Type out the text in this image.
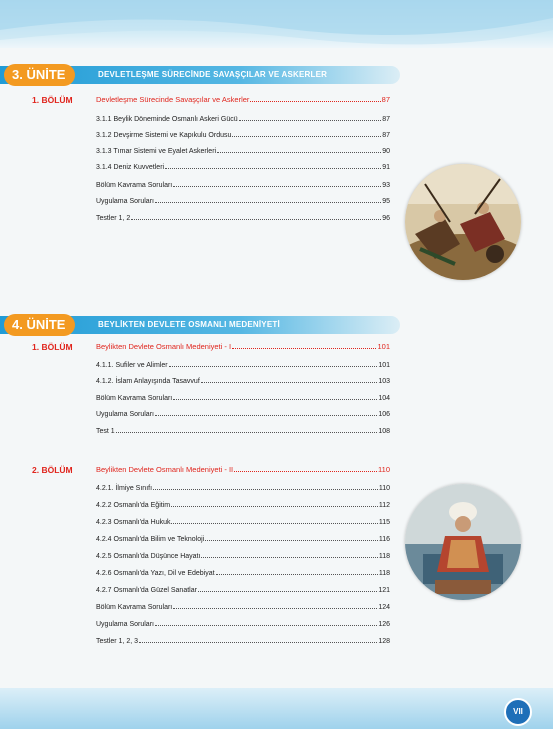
3. ÜNİTE	DEVLETLEŞME SÜRECİNDE SAVAŞÇILAR VE ASKERLER
1. BÖLÜM	Devletleşme Sürecinde Savaşçılar ve Askerler	87
3.1.1 Beylik Döneminde Osmanlı Askeri Gücü	87
3.1.2 Devşirme Sistemi ve Kapıkulu Ordusu	87
3.1.3 Tımar Sistemi ve Eyalet Askerleri	90
3.1.4 Deniz Kuvvetleri	91
Bölüm Kavrama Soruları	93
Uygulama Soruları	95
Testler 1, 2	96
4. ÜNİTE	BEYLİKTEN DEVLETE OSMANLI MEDENİYETİ
1. BÖLÜM	Beylikten Devlete Osmanlı Medeniyeti - I	101
4.1.1. Sufiler ve Alimler	101
4.1.2. İslam Anlayışında Tasavvuf	103
Bölüm Kavrama Soruları	104
Uygulama Soruları	106
Test 1	108
2. BÖLÜM	Beylikten Devlete Osmanlı Medeniyeti - II	110
4.2.1. İlmiye Sınıfı	110
4.2.2 Osmanlı'da Eğitim	112
4.2.3 Osmanlı'da Hukuk	115
4.2.4 Osmanlı'da Bilim ve Teknoloji	116
4.2.5 Osmanlı'da Düşünce Hayatı	118
4.2.6 Osmanlı'da Yazı, Dil ve Edebiyat	118
4.2.7 Osmanlı'da Güzel Sanatlar	121
Bölüm Kavrama Soruları	124
Uygulama Soruları	126
Testler 1, 2, 3	128
VII
